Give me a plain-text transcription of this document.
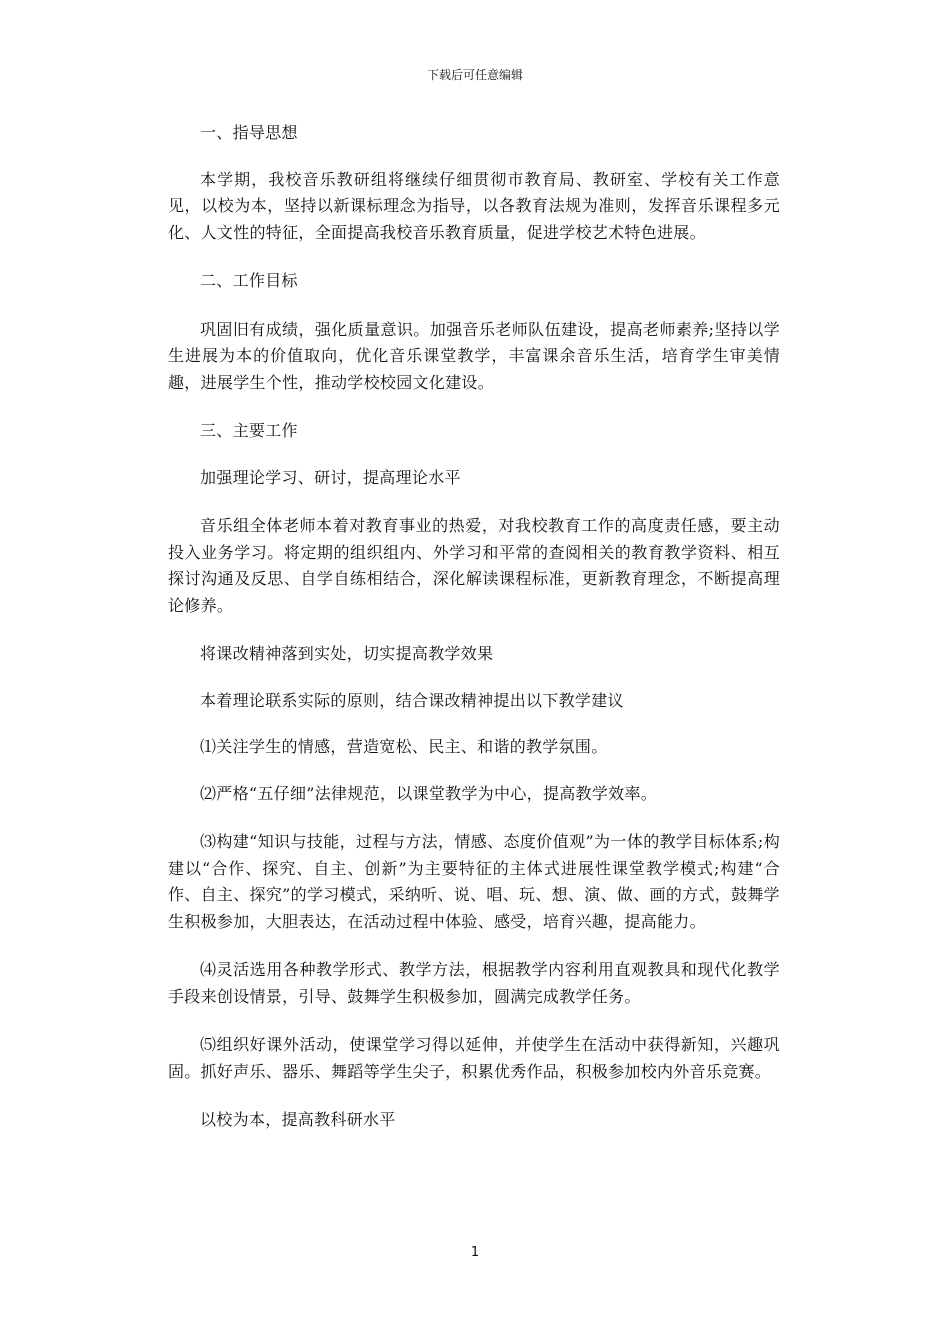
下载后可任意编辑

一、指导思想

本学期，我校音乐教研组将继续仔细贯彻市教育局、教研室、学校有关工作意见，以校为本，坚持以新课标理念为指导，以各教育法规为准则，发挥音乐课程多元化、人文性的特征，全面提高我校音乐教育质量，促进学校艺术特色进展。

二、工作目标

巩固旧有成绩，强化质量意识。加强音乐老师队伍建设，提高老师素养;坚持以学生进展为本的价值取向，优化音乐课堂教学，丰富课余音乐生活，培育学生审美情趣，进展学生个性，推动学校校园文化建设。

三、主要工作

加强理论学习、研讨，提高理论水平

音乐组全体老师本着对教育事业的热爱，对我校教育工作的高度责任感，要主动投入业务学习。将定期的组织组内、外学习和平常的查阅相关的教育教学资料、相互探讨沟通及反思、自学自练相结合，深化解读课程标准，更新教育理念，不断提高理论修养。

将课改精神落到实处，切实提高教学效果

本着理论联系实际的原则，结合课改精神提出以下教学建议

⑴关注学生的情感，营造宽松、民主、和谐的教学氛围。

⑵严格“五仔细”法律规范，以课堂教学为中心，提高教学效率。

⑶构建“知识与技能，过程与方法，情感、态度价值观”为一体的教学目标体系;构建以“合作、探究、自主、创新”为主要特征的主体式进展性课堂教学模式;构建“合作、自主、探究”的学习模式，采纳听、说、唱、玩、想、演、做、画的方式，鼓舞学生积极参加，大胆表达，在活动过程中体验、感受，培育兴趣，提高能力。

⑷灵活选用各种教学形式、教学方法，根据教学内容利用直观教具和现代化教学手段来创设情景，引导、鼓舞学生积极参加，圆满完成教学任务。

⑸组织好课外活动，使课堂学习得以延伸，并使学生在活动中获得新知，兴趣巩固。抓好声乐、器乐、舞蹈等学生尖子，积累优秀作品，积极参加校内外音乐竞赛。

以校为本，提高教科研水平

1
